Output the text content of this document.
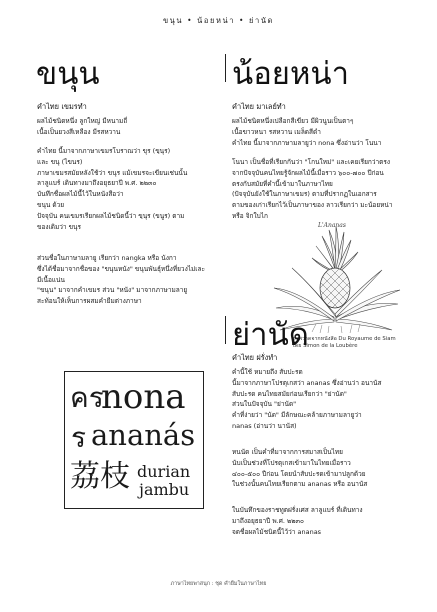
ขนุน • น้อยหน่า • ย่านัด
ขนุน
คำไทย เขมรทำ
ผลไม้ชนิดหนึ่ง ลูกใหญ่ มีหนามถี่
เนื้อเป็นยวงสีเหลือง มีรสหวาน
คำไทย นี้มาจากภาษาเขมรโบราณว่า ขุร (ขฺนุร)
และ ขนุ (ไขนร)
ภาษาเขมรสมัยหลังใช้ว่า ขนุร แม้เขมรจะเขียนเช่นนั้น
ลาลูแบร์ เดินทางมาถึงอยุธยาปี พ.ศ. ๒๒๓๐
บันทึกชื่อผลไม้นี้ไว้ในหนังสือว่า
ขนุน ด้วย
ปัจจุบัน คนเขมรเรียกผลไม้ชนิดนี้ว่า ขฺนุร (ขนูร) ตาม
ของเดิมว่า ขนุร
ส่วนชื่อในภาษามลายู เรียกว่า nangka หรือ นังกา
ซึ่งได้ชื่อมาจากชื่อของ "ขนุนหนัง" ขนุนพันธุ์หนึ่งที่ยวงไม่เละ
มีเนื้อแน่น
"ขนุน" มาจากคำเขมร ส่วน "หนัง" มาจากภาษามลายู
สะท้อนให้เห็นการผสมคำยืมต่างภาษา
น้อยหน่า
คำไทย มาเลย์ทำ
ผลไม้ชนิดหนึ่งเปลือกสีเขียว มีผิวนูนเป็นตาๆ
เนื้อขาวหนา รสหวาน เมล็ดสีดำ
คำไทย นี้มาจากภาษามลายูว่า nona ซึ่งอ่านว่า โนนา
โนนา เป็นชื่อที่เรียกกันว่า "โกนใหม่" และเคยเรียกว่าตรง
จากปัจจุบันคนไทยรู้จักผลไม้นี้เมื่อราว ๖๐๐-๗๐๐ ปีก่อน
ตรงกับสมัยที่คำนี้เข้ามาในภาษาไทย
(ปัจจุบันยังใช้ในภาษาเขมร) ตามที่ปรากฏในเอกสาร
ตามของเก่าเรียกไว้เป็นภาษาของ ลาวเรียกว่า มะน้อยหน่า
หรือ จิกใบไก
L'Ananas
ภาพวาดจากหนังสือ Du Royaume de Siam
โดย Simon de la Loubère
ย่านัด
คำไทย ฝรั่งทำ
คำนี้ใช้ หมายถึง สับปะรด
นี้มาจากภาษาโปรตุเกสว่า ananas ซึ่งอ่านว่า อนานัส
สับปะรด คนไทยสมัยก่อนเรียกว่า "ย่านัด"
ส่วนในปัจจุบัน "ย่านัด"
คำที่ง่ายว่า "นัด" มีลักษณะคล้ายภาษามลายูว่า
nanas (อ่านว่า นานัส)
หนนัด เป็นคำที่มาจากการสมาสเป็นไทย
นับเป็นช่วงที่โปรตุเกสเข้ามาในไทยเมื่อราว
๔๐๐-๕๐๐ ปีก่อน โดยนำสับปะรดเข้ามาปลูกด้วย
ในช่วงนั้นคนไทยเรียกตาม ananas หรือ อนานัส
ในบันทึกของราชทูตฝรั่งเศส ลาลูแบร์ ที่เดินทาง
มาถึงอยุธยาปี พ.ศ. ๒๒๓๐
จดชื่อผลไม้ชนิดนี้ไว้ว่า ananas
คร
nona
ร ananás
荔枝 durian
jambu
ภาษาไทยพาสนุก : ชุด คำยืมในภาษาไทย
